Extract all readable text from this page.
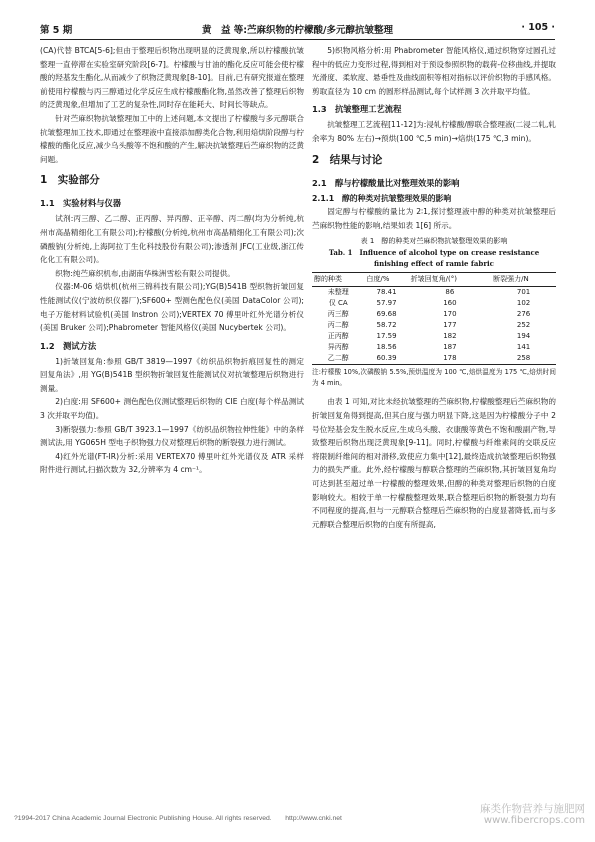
第 5 期	黄　益 等:苎麻织物的柠檬酸/多元醇抗皱整理	· 105 ·

(CA)代替 BTCA[5-6];但由于整理后织物出现明显的泛黄现象,所以柠檬酸抗皱整理一直停滞在实验室研究阶段[6-7]。柠檬酸与甘油的酯化反应可能会使柠檬酸的羟基发生酯化,从而减少了织物泛黄现象[8-10]。目前,已有研究报道在整理前使用柠檬酸与丙三醇通过化学反应生成柠檬酸酯化物,虽然改善了整理后织物的泛黄现象,但增加了工艺的复杂性,同时存在能耗大、时间长等缺点。

针对苎麻织物抗皱整理加工中的上述问题,本文提出了柠檬酸与多元醇联合抗皱整理加工技术,即通过在整理液中直接添加醇类化合物,利用焙烘阶段醇与柠檬酸的酯化反应,减少乌头酸等不饱和酸的产生,解决抗皱整理后苎麻织物的泛黄问题。

1　实验部分
1.1　实验材料与仪器

试剂:丙三醇、乙二醇、正丙醇、异丙醇、正辛醇、丙二醇(均为分析纯,杭州市高晶精细化工有限公司);柠檬酸(分析纯,杭州市高晶精细化工有限公司);次磷酸钠(分析纯,上海阿拉丁生化科技股份有限公司);渗透剂 JFC(工业级,浙江传化化工有限公司)。

织物:纯苎麻织机布,由湖南华株洲雪松有限公司提供。

仪器:M-06 焙烘机(杭州三锦科技有限公司);YG(B)541B 型织物折皱回复性能测试仪(宁波纺织仪器厂);SF600+ 型测色配色仪(美国 DataColor 公司);电子万能材料试验机(美国 Instron 公司);VERTEX 70 傅里叶红外光谱分析仪(美国 Bruker 公司);Phabrometer 智能风格仪(美国 Nucybertek 公司)。

1.2　测试方法

1)折皱回复角:参照 GB/T 3819—1997《纺织品织物折痕回复性的测定 回复角法》,用 YG(B)541B 型织物折皱回复性能测试仪对抗皱整理后织物进行测量。

2)白度:用 SF600+ 测色配色仪测试整理后织物的 CIE 白度(每个样品测试 3 次并取平均值)。

3)断裂强力:参照 GB/T 3923.1—1997《纺织品织物拉伸性能》中的条样测试法,用 YG065H 型电子织物强力仪对整理后织物的断裂强力进行测试。

4)红外光谱(FT-IR)分析:采用 VERTEX70 傅里叶红外光谱仪及 ATR 采样附件进行测试,扫描次数为 32,分辨率为 4 cm⁻¹。

5)织物风格分析:用 Phabrometer 智能风格仪,通过织物穿过圆孔过程中的低应力变形过程,得到相对于预设参照织物的载荷-位移曲线,并提取光滑度、柔软度、悬垂性及曲线面积等相对指标以评价织物的手感风格。剪取直径为 10 cm 的圆形样品测试,每个试样测 3 次并取平均值。

1.3　抗皱整理工艺流程

抗皱整理工艺流程[11-12]为:浸轧柠檬酸/醇联合整理液(二浸二轧,轧余率为 80% 左右)→预烘(100 ℃,5 min)→焙烘(175 ℃,3 min)。

2　结果与讨论
2.1　醇与柠檬酸量比对整理效果的影响
2.1.1　醇的种类对抗皱整理效果的影响

固定醇与柠檬酸的量比为 2∶1,探讨整理液中醇的种类对抗皱整理后苎麻织物性能的影响,结果如表 1[6] 所示。

表 1　醇的种类对苎麻织物抗皱整理效果的影响
Tab. 1　Influence of alcohol type on crease resistance
finishing effect of ramie fabric
醇的种类	白度/%	折皱回复角/(°)	断裂强力/N
未整理	78.41	86	701
仅 CA	57.97	160	102
丙三醇	69.68	170	276
丙二醇	58.72	177	252
正丙醇	17.59	182	194
异丙醇	18.56	187	141
乙二醇	60.39	178	258
注:柠檬酸 10%,次磷酸钠 5.5%,预烘温度为 100 ℃,焙烘温度为 175 ℃,焙烘时间为 4 min。

由表 1 可知,对比未经抗皱整理的苎麻织物,柠檬酸整理后苎麻织物的折皱回复角得到提高,但其白度与强力明显下降,这是因为柠檬酸分子中 2 号位羟基会发生脱水反应,生成乌头酸、衣康酸等黄色不饱和酸副产物,导致整理后织物出现泛黄现象[9-11]。同时,柠檬酸与纤维素间的交联反应将限制纤维间的相对滑移,致使应力集中[12],最终造成抗皱整理后织物强力的损失严重。此外,经柠檬酸与醇联合整理的苎麻织物,其折皱回复角均可达到甚至超过单一柠檬酸的整理效果,但醇的种类对整理后织物的白度影响较大。相较于单一柠檬酸整理效果,联合整理后织物的断裂强力均有不同程度的提高,但与一元醇联合整理后苎麻织物的白度显著降低,而与多元醇联合整理后织物的白度有所提高,

?1994-2017 China Academic Journal Electronic Publishing House. All rights reserved.　　http://www.cnki.net
麻类作物营养与施肥网
www.fibercrops.com
